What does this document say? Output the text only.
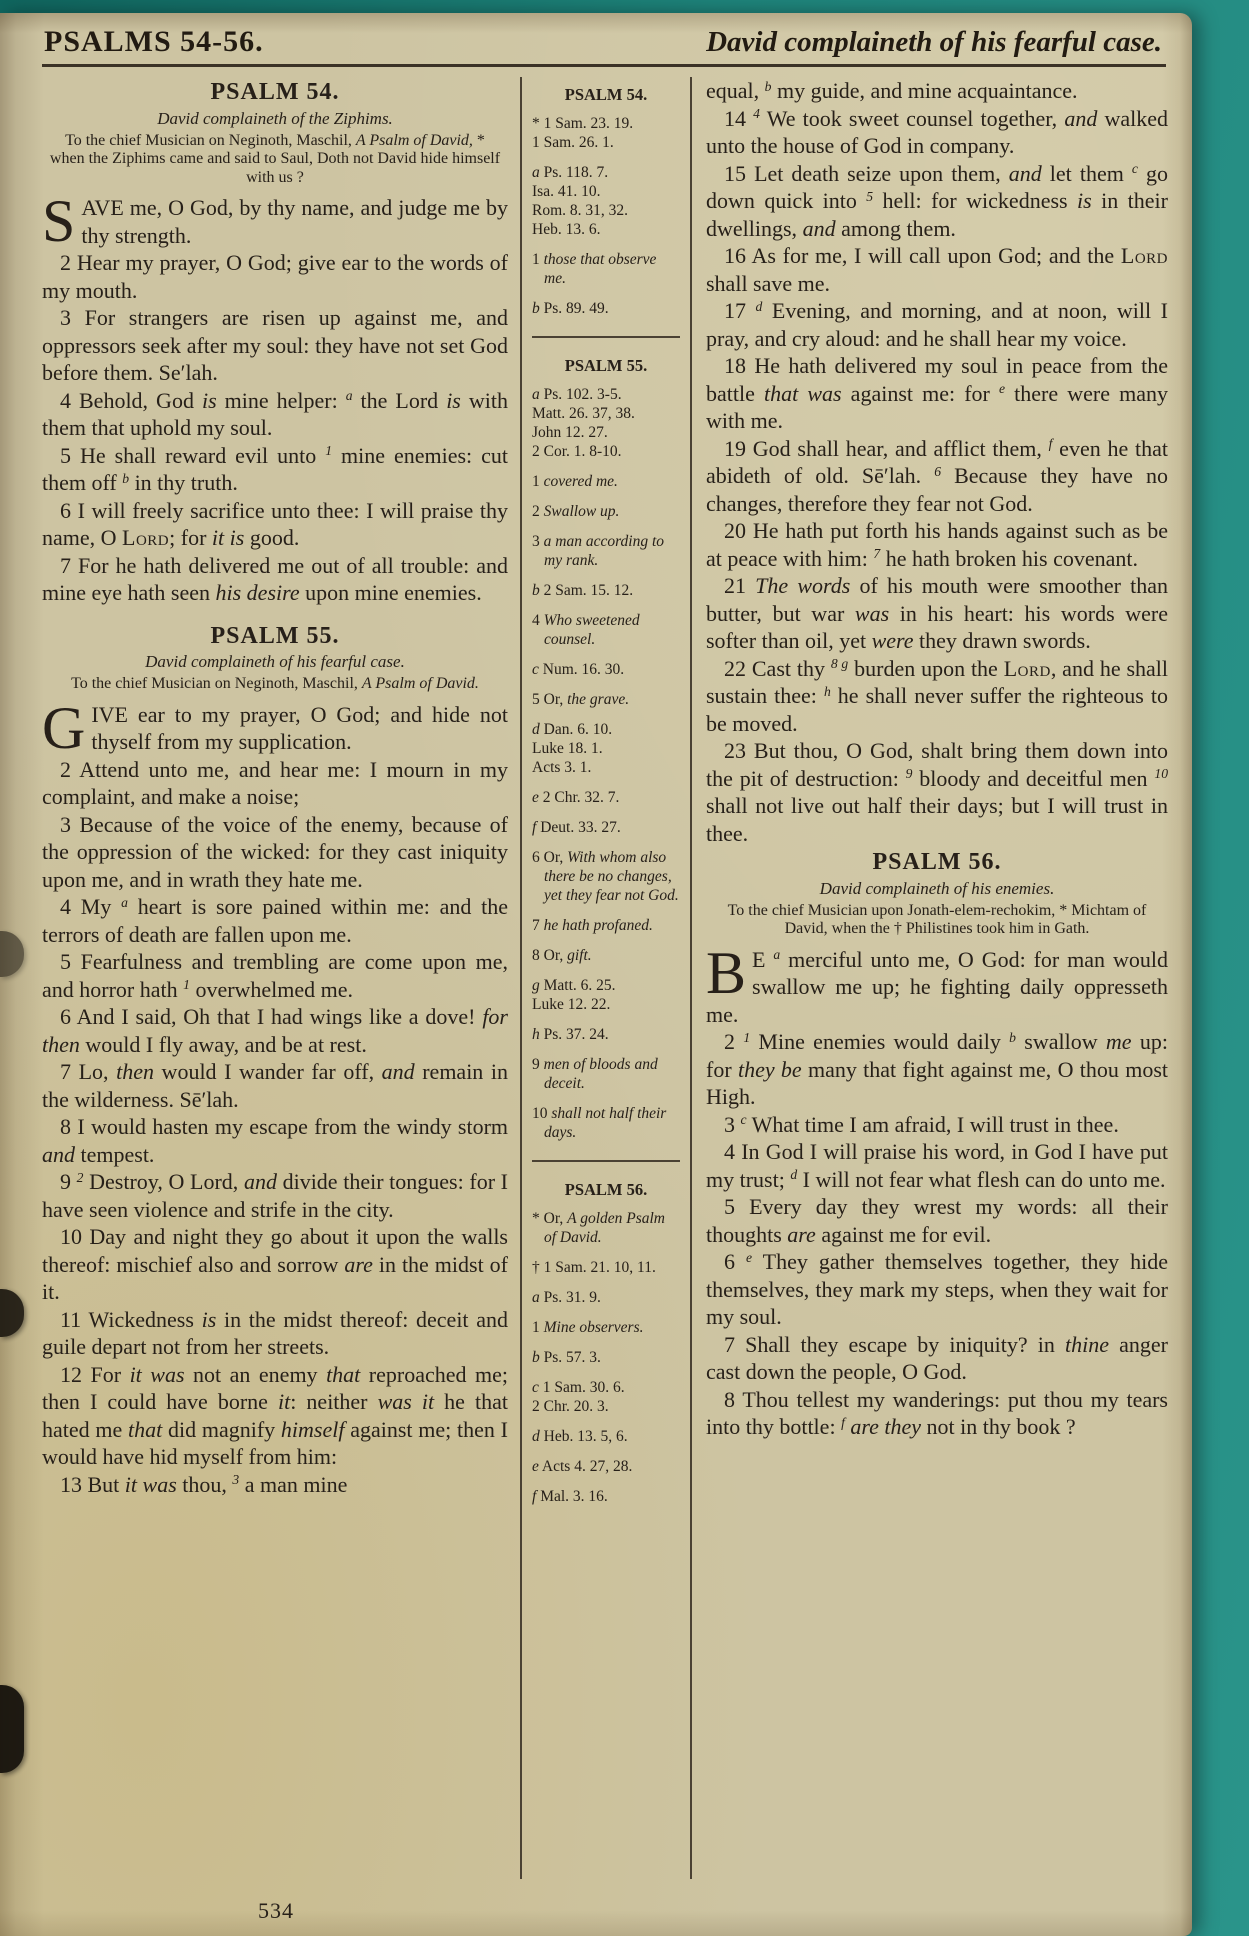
PSALMS 54-56.	David complaineth of his fearful case.
PSALM 54.

David complaineth of the Ziphims.

To the chief Musician on Neginoth, Maschil, A Psalm of David, * when the Ziphims came and said to Saul, Doth not David hide himself with us ?

SAVE me, O God, by thy name, and judge me by thy strength.

2 Hear my prayer, O God; give ear to the words of my mouth.

3 For strangers are risen up against me, and oppressors seek after my soul: they have not set God before them. Se′lah.

4 Behold, God is mine helper: $^a$ the Lord is with them that uphold my soul.

5 He shall reward evil unto $^1$ mine enemies: cut them off $^b$ in thy truth.

6 I will freely sacrifice unto thee: I will praise thy name, O Lord; for it is good.

7 For he hath delivered me out of all trouble: and mine eye hath seen his desire upon mine enemies.

PSALM 55.

David complaineth of his fearful case.

To the chief Musician on Neginoth, Maschil, A Psalm of David.

GIVE ear to my prayer, O God; and hide not thyself from my supplication.

2 Attend unto me, and hear me: I mourn in my complaint, and make a noise;

3 Because of the voice of the enemy, because of the oppression of the wicked: for they cast iniquity upon me, and in wrath they hate me.

4 My $^a$ heart is sore pained within me: and the terrors of death are fallen upon me.

5 Fearfulness and trembling are come upon me, and horror hath $^1$ overwhelmed me.

6 And I said, Oh that I had wings like a dove! for then would I fly away, and be at rest.

7 Lo, then would I wander far off, and remain in the wilderness. Sē′lah.

8 I would hasten my escape from the windy storm and tempest.

9 $^2$ Destroy, O Lord, and divide their tongues: for I have seen violence and strife in the city.

10 Day and night they go about it upon the walls thereof: mischief also and sorrow are in the midst of it.

11 Wickedness is in the midst thereof: deceit and guile depart not from her streets.

12 For it was not an enemy that reproached me; then I could have borne it: neither was it he that hated me that did magnify himself against me; then I would have hid myself from him:

13 But it was thou, $^3$ a man mine

PSALM 54.

* 1 Sam. 23. 19.

1 Sam. 26. 1.

a Ps. 118. 7.

Isa. 41. 10.

Rom. 8. 31, 32.

Heb. 13. 6.

1 those that observe me.

b Ps. 89. 49.

PSALM 55.

a Ps. 102. 3-5.

Matt. 26. 37, 38.

John 12. 27.

2 Cor. 1. 8-10.

1 covered me.

2 Swallow up.

3 a man according to my rank.

b 2 Sam. 15. 12.

4 Who sweetened counsel.

c Num. 16. 30.

5 Or, the grave.

d Dan. 6. 10.

Luke 18. 1.

Acts 3. 1.

e 2 Chr. 32. 7.

f Deut. 33. 27.

6 Or, With whom also there be no changes, yet they fear not God.

7 he hath profaned.

8 Or, gift.

g Matt. 6. 25.

Luke 12. 22.

h Ps. 37. 24.

9 men of bloods and deceit.

10 shall not half their days.

PSALM 56.

* Or, A golden Psalm of David.

† 1 Sam. 21. 10, 11.

a Ps. 31. 9.

1 Mine observers.

b Ps. 57. 3.

c 1 Sam. 30. 6.

2 Chr. 20. 3.

d Heb. 13. 5, 6.

e Acts 4. 27, 28.

f Mal. 3. 16.

equal, $^b$ my guide, and mine acquaintance.

14 $^4$ We took sweet counsel together, and walked unto the house of God in company.

15 Let death seize upon them, and let them $^c$ go down quick into $^5$ hell: for wickedness is in their dwellings, and among them.

16 As for me, I will call upon God; and the Lord shall save me.

17 $^d$ Evening, and morning, and at noon, will I pray, and cry aloud: and he shall hear my voice.

18 He hath delivered my soul in peace from the battle that was against me: for $^e$ there were many with me.

19 God shall hear, and afflict them, $^f$ even he that abideth of old. Sē′lah. $^6$ Because they have no changes, therefore they fear not God.

20 He hath put forth his hands against such as be at peace with him: $^7$ he hath broken his covenant.

21 The words of his mouth were smoother than butter, but war was in his heart: his words were softer than oil, yet were they drawn swords.

22 Cast thy $^{8 g}$ burden upon the Lord, and he shall sustain thee: $^h$ he shall never suffer the righteous to be moved.

23 But thou, O God, shalt bring them down into the pit of destruction: $^9$ bloody and deceitful men $^{10}$ shall not live out half their days; but I will trust in thee.

PSALM 56.

David complaineth of his enemies.

To the chief Musician upon Jonath-elem-rechokim, * Michtam of David, when the † Philistines took him in Gath.

B E $^a$ merciful unto me, O God: for man would swallow me up; he fighting daily oppresseth me.

2 $^1$ Mine enemies would daily $^b$ swallow me up: for they be many that fight against me, O thou most High.

3 $^c$ What time I am afraid, I will trust in thee.

4 In God I will praise his word, in God I have put my trust; $^d$ I will not fear what flesh can do unto me.

5 Every day they wrest my words: all their thoughts are against me for evil.

6 $^e$ They gather themselves together, they hide themselves, they mark my steps, when they wait for my soul.

7 Shall they escape by iniquity? in thine anger cast down the people, O God.

8 Thou tellest my wanderings: put thou my tears into thy bottle: $^f$ are they not in thy book ?

534
